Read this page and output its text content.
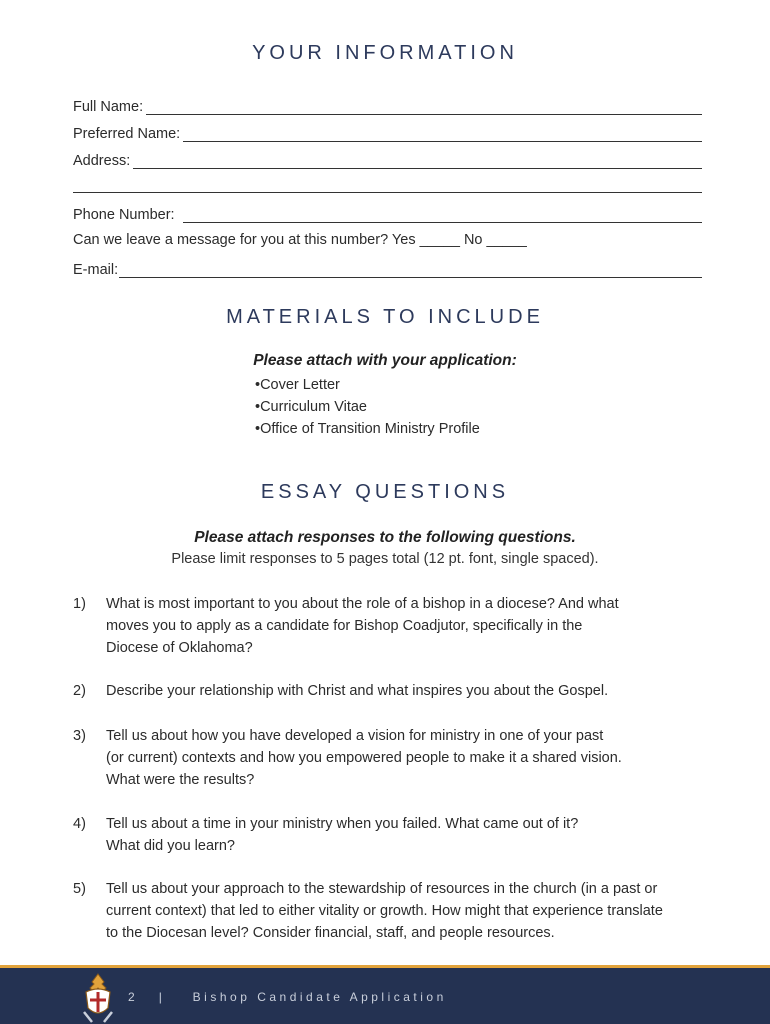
YOUR INFORMATION
Full Name:
Preferred Name:
Address:
Phone Number:
Can we leave a message for you at this number? Yes _____ No _____
E-mail:
MATERIALS TO INCLUDE

Please attach with your application:

• Cover Letter
• Curriculum Vitae
• Office of Transition Ministry Profile
ESSAY QUESTIONS

Please attach responses to the following questions.

Please limit responses to 5 pages total (12 pt. font, single spaced).
1) What is most important to you about the role of a bishop in a diocese? And what
moves you to apply as a candidate for Bishop Coadjutor, specifically in the
Diocese of Oklahoma?
2) Describe your relationship with Christ and what inspires you about the Gospel.
3) Tell us about how you have developed a vision for ministry in one of your past
(or current) contexts and how you empowered people to make it a shared vision.
What were the results?
4) Tell us about a time in your ministry when you failed. What came out of it?
What did you learn?
5) Tell us about your approach to the stewardship of resources in the church (in a past or
current context) that led to either vitality or growth. How might that experience translate
to the Diocesan level? Consider financial, staff, and people resources.
2 | Bishop Candidate Application
